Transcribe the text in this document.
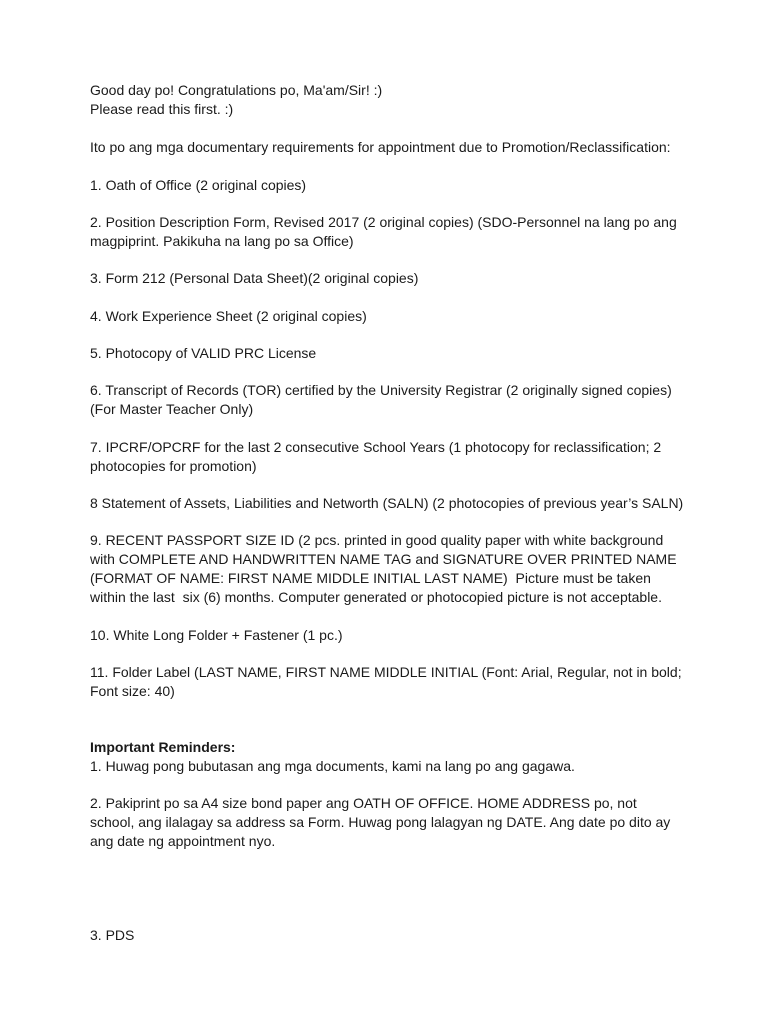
Good day po! Congratulations po, Ma'am/Sir! :)

Please read this first. :)

Ito po ang mga documentary requirements for appointment due to Promotion/Reclassification:

1. Oath of Office (2 original copies)

2. Position Description Form, Revised 2017 (2 original copies) (SDO-Personnel na lang po ang
magpiprint. Pakikuha na lang po sa Office)

3. Form 212 (Personal Data Sheet)(2 original copies)

4. Work Experience Sheet (2 original copies)

5. Photocopy of VALID PRC License

6. Transcript of Records (TOR) certified by the University Registrar (2 originally signed copies)
(For Master Teacher Only)

7. IPCRF/OPCRF for the last 2 consecutive School Years (1 photocopy for reclassification; 2
photocopies for promotion)

8 Statement of Assets, Liabilities and Networth (SALN) (2 photocopies of previous year’s SALN)

9. RECENT PASSPORT SIZE ID (2 pcs. printed in good quality paper with white background
with COMPLETE AND HANDWRITTEN NAME TAG and SIGNATURE OVER PRINTED NAME
(FORMAT OF NAME: FIRST NAME MIDDLE INITIAL LAST NAME)  Picture must be taken
within the last  six (6) months. Computer generated or photocopied picture is not acceptable.

10. White Long Folder + Fastener (1 pc.)

11. Folder Label (LAST NAME, FIRST NAME MIDDLE INITIAL (Font: Arial, Regular, not in bold;
Font size: 40)

Important Reminders:

1. Huwag pong bubutasan ang mga documents, kami na lang po ang gagawa.

2. Pakiprint po sa A4 size bond paper ang OATH OF OFFICE. HOME ADDRESS po, not
school, ang ilalagay sa address sa Form. Huwag pong lalagyan ng DATE. Ang date po dito ay
ang date ng appointment nyo.

3. PDS
